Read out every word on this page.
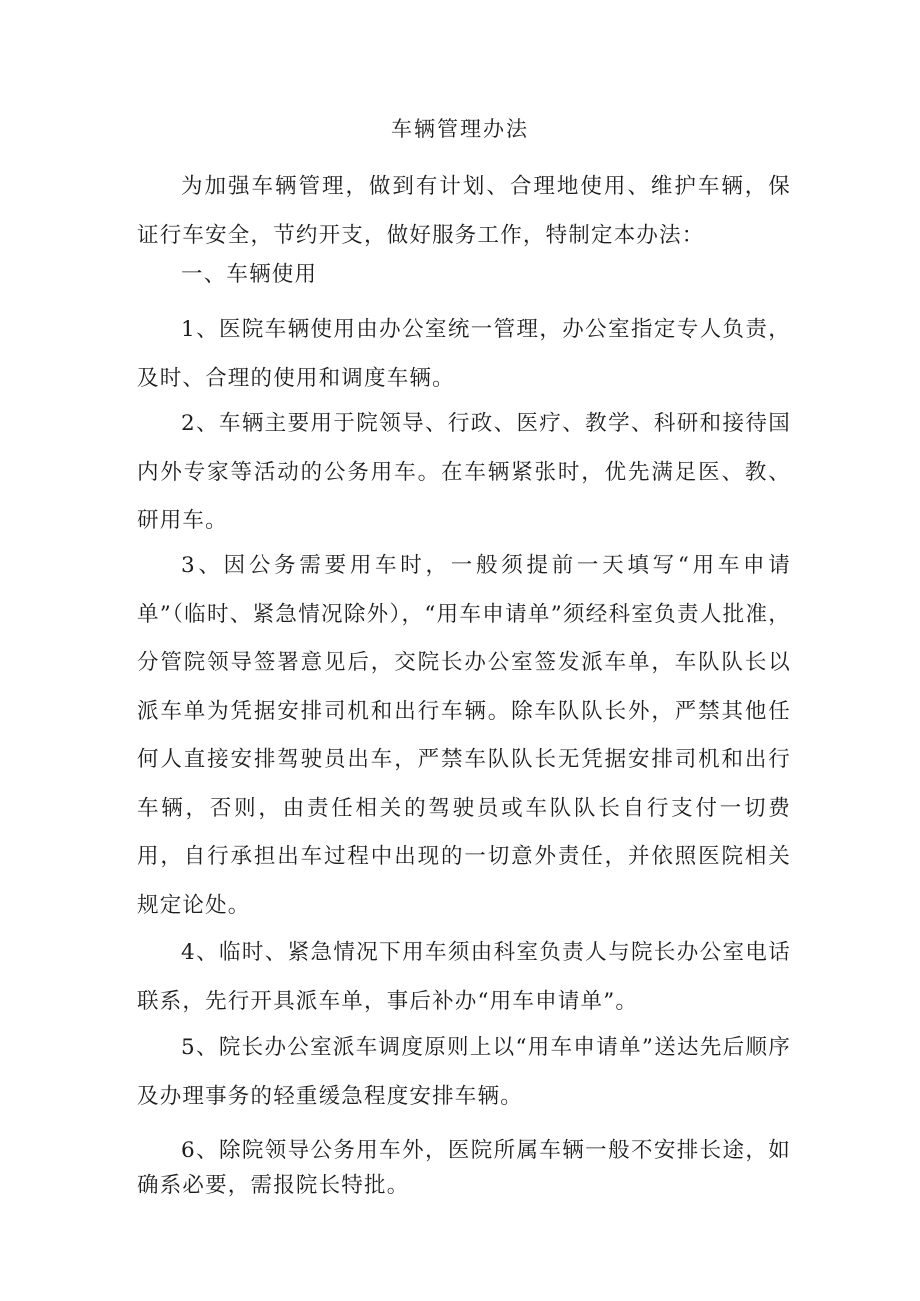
车辆管理办法

为加强车辆管理，做到有计划、合理地使用、维护车辆，保证行车安全，节约开支，做好服务工作，特制定本办法：

一、车辆使用

1、医院车辆使用由办公室统一管理，办公室指定专人负责，及时、合理的使用和调度车辆。

2、车辆主要用于院领导、行政、医疗、教学、科研和接待国内外专家等活动的公务用车。在车辆紧张时，优先满足医、教、研用车。

3、因公务需要用车时，一般须提前一天填写“用车申请单”（临时、紧急情况除外），“用车申请单”须经科室负责人批准，分管院领导签署意见后，交院长办公室签发派车单，车队队长以派车单为凭据安排司机和出行车辆。除车队队长外，严禁其他任何人直接安排驾驶员出车，严禁车队队长无凭据安排司机和出行车辆，否则，由责任相关的驾驶员或车队队长自行支付一切费用，自行承担出车过程中出现的一切意外责任，并依照医院相关规定论处。

4、临时、紧急情况下用车须由科室负责人与院长办公室电话联系，先行开具派车单，事后补办“用车申请单”。

5、院长办公室派车调度原则上以“用车申请单”送达先后顺序及办理事务的轻重缓急程度安排车辆。

6、除院领导公务用车外，医院所属车辆一般不安排长途，如确系必要，需报院长特批。
